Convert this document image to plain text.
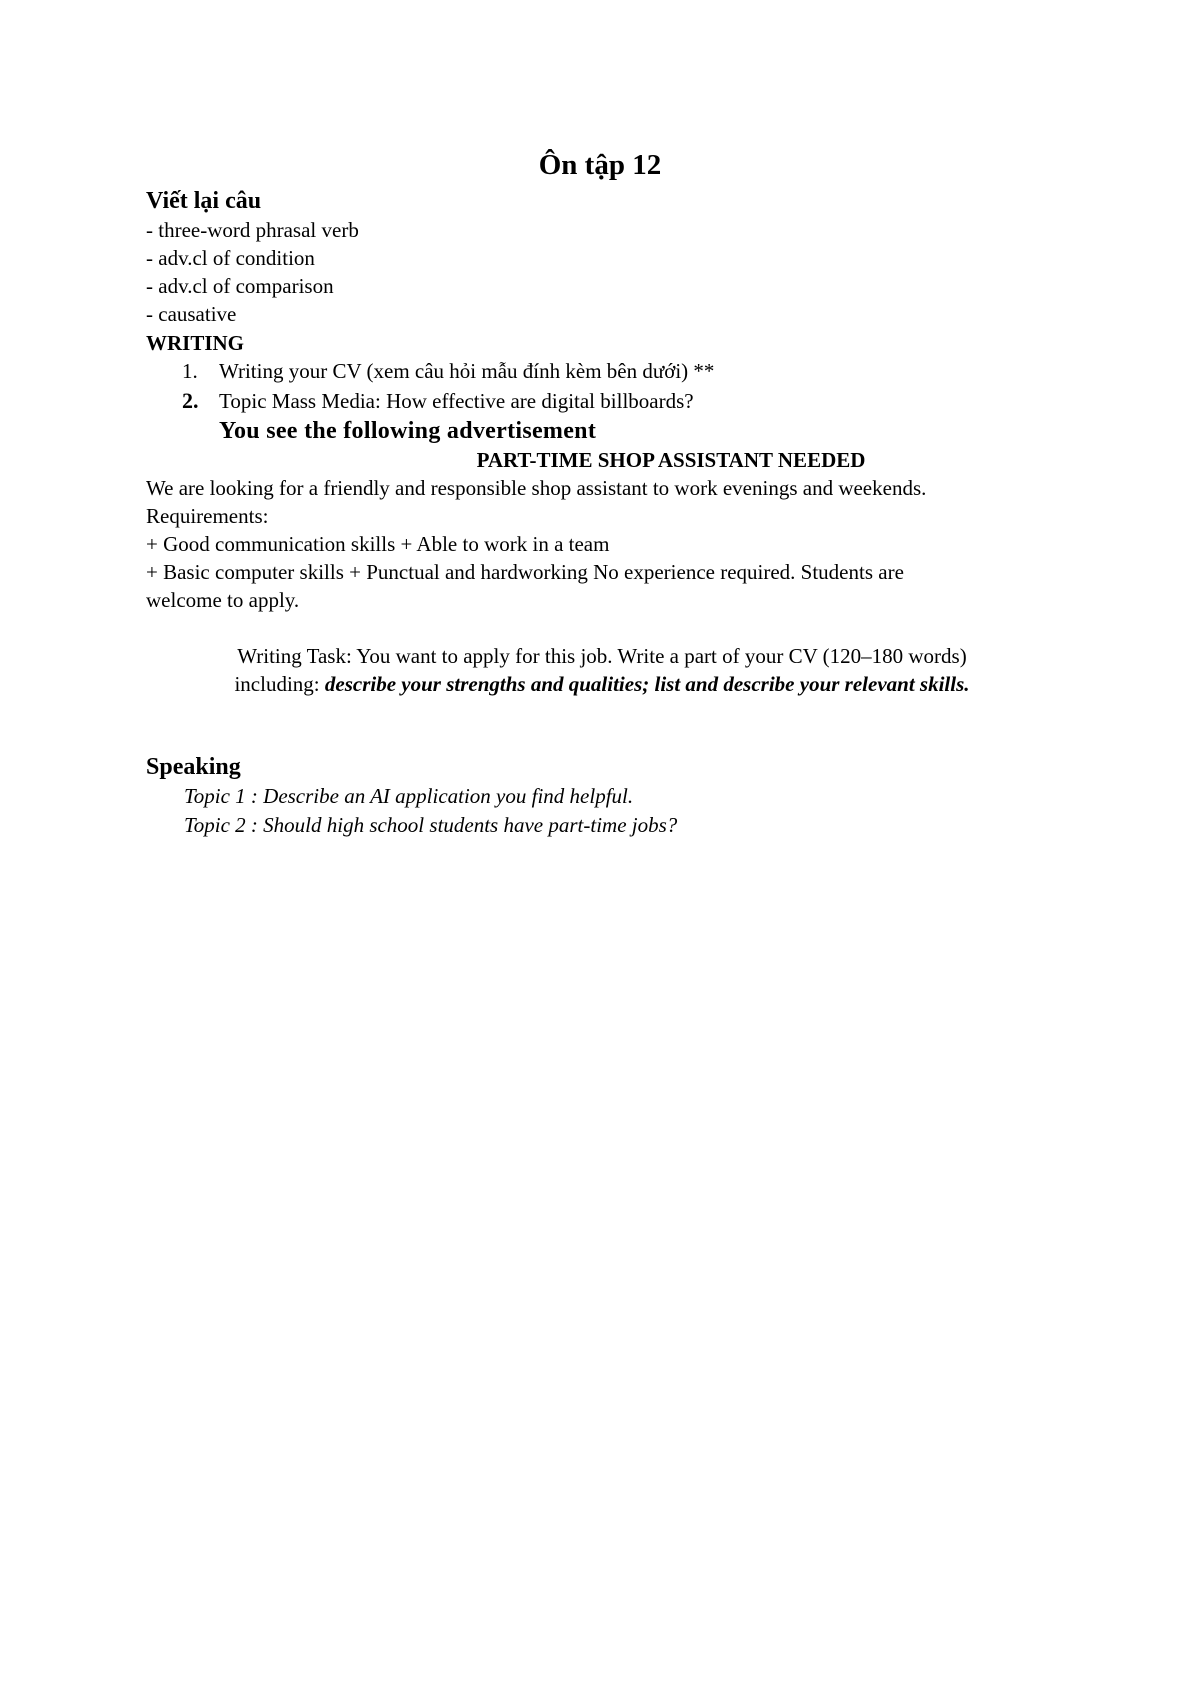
Ôn tập 12
Viết lại câu
- three-word phrasal verb
- adv.cl of condition
- adv.cl of comparison
- causative
WRITING
1. Writing your CV (xem câu hỏi mẫu đính kèm bên dưới) **
2. Topic Mass Media: How effective are digital billboards?
You see the following advertisement
PART-TIME SHOP ASSISTANT NEEDED
We are looking for a friendly and responsible shop assistant to work evenings and weekends.
Requirements:
+ Good communication skills + Able to work in a team
+ Basic computer skills + Punctual and hardworking No experience required. Students are
welcome to apply.
Writing Task: You want to apply for this job. Write a part of your CV (120–180 words)
including: describe your strengths and qualities; list and describe your relevant skills.
Speaking
Topic 1 : Describe an AI application you find helpful.
Topic 2 : Should high school students have part-time jobs?
